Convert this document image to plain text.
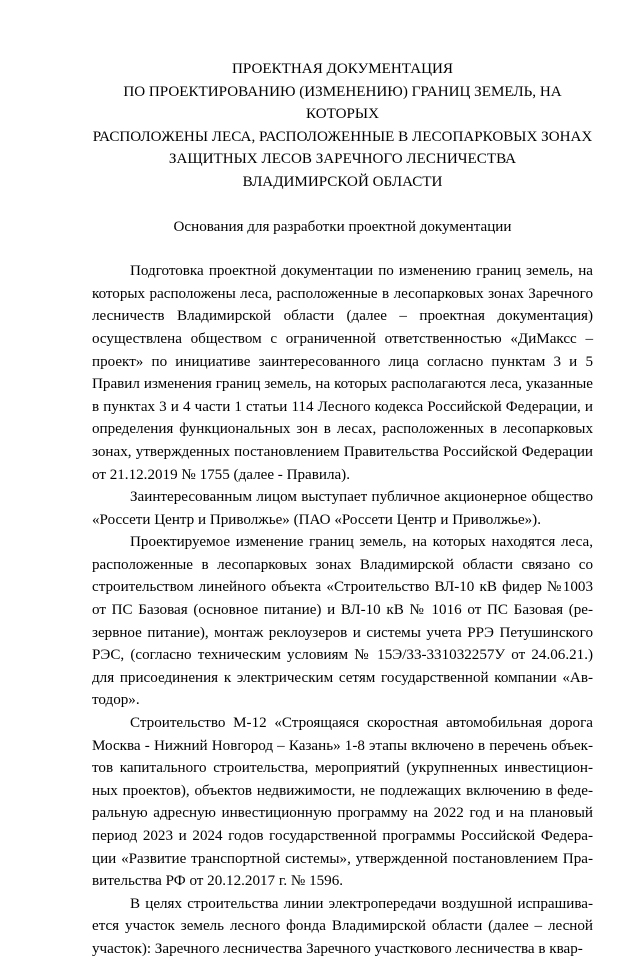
ПРОЕКТНАЯ ДОКУМЕНТАЦИЯ
ПО ПРОЕКТИРОВАНИЮ (ИЗМЕНЕНИЮ) ГРАНИЦ ЗЕМЕЛЬ, НА КОТОРЫХ
РАСПОЛОЖЕНЫ ЛЕСА, РАСПОЛОЖЕННЫЕ В ЛЕСОПАРКОВЫХ ЗОНАХ
ЗАЩИТНЫХ ЛЕСОВ ЗАРЕЧНОГО ЛЕСНИЧЕСТВА
ВЛАДИМИРСКОЙ ОБЛАСТИ

Основания для разработки проектной документации

Подготовка проектной документации по изменению границ земель, на которых расположены леса, расположенные в лесопарковых зонах Заречного лесничеств Владимирской области (далее – проектная документация) осуществлена обществом с ограниченной ответственностью «ДиМаксс – проект» по инициативе заинтересованного лица согласно пунктам 3 и 5 Правил изменения границ земель, на которых располагаются леса, указанные в пунктах 3 и 4 части 1 статьи 114 Лесного кодекса Российской Федерации, и определения функциональных зон в лесах, расположенных в лесопарковых зонах, утвержденных постановлением Правительства Российской Федерации от 21.12.2019 № 1755 (далее - Правила).

Заинтересованным лицом выступает публичное акционерное общество «Россети Центр и Приволжье» (ПАО «Россети Центр и Приволжье»).

Проектируемое изменение границ земель, на которых находятся леса, расположенные в лесопарковых зонах Владимирской области связано со строительством линейного объекта «Строительство ВЛ-10 кВ фидер №1003 от ПС Базовая (основное питание) и ВЛ-10 кВ № 1016 от ПС Базовая (резервное питание), монтаж реклоузеров и системы учета РРЭ Петушинского РЭС, (согласно техническим условиям № 15Э/33-331032257У от 24.06.21.) для присоединения к электрическим сетям государственной компании «Автодор».

Строительство М-12 «Строящаяся скоростная автомобильная дорога Москва - Нижний Новгород – Казань» 1-8 этапы включено в перечень объектов капитального строительства, мероприятий (укрупненных инвестиционных проектов), объектов недвижимости, не подлежащих включению в федеральную адресную инвестиционную программу на 2022 год и на плановый период 2023 и 2024 годов государственной программы Российской Федерации «Развитие транспортной системы», утвержденной постановлением Правительства РФ от 20.12.2017 г. № 1596.

В целях строительства линии электропередачи воздушной испрашивается участок земель лесного фонда Владимирской области (далее – лесной участок): Заречного лесничества Заречного участкового лесничества в квар-
